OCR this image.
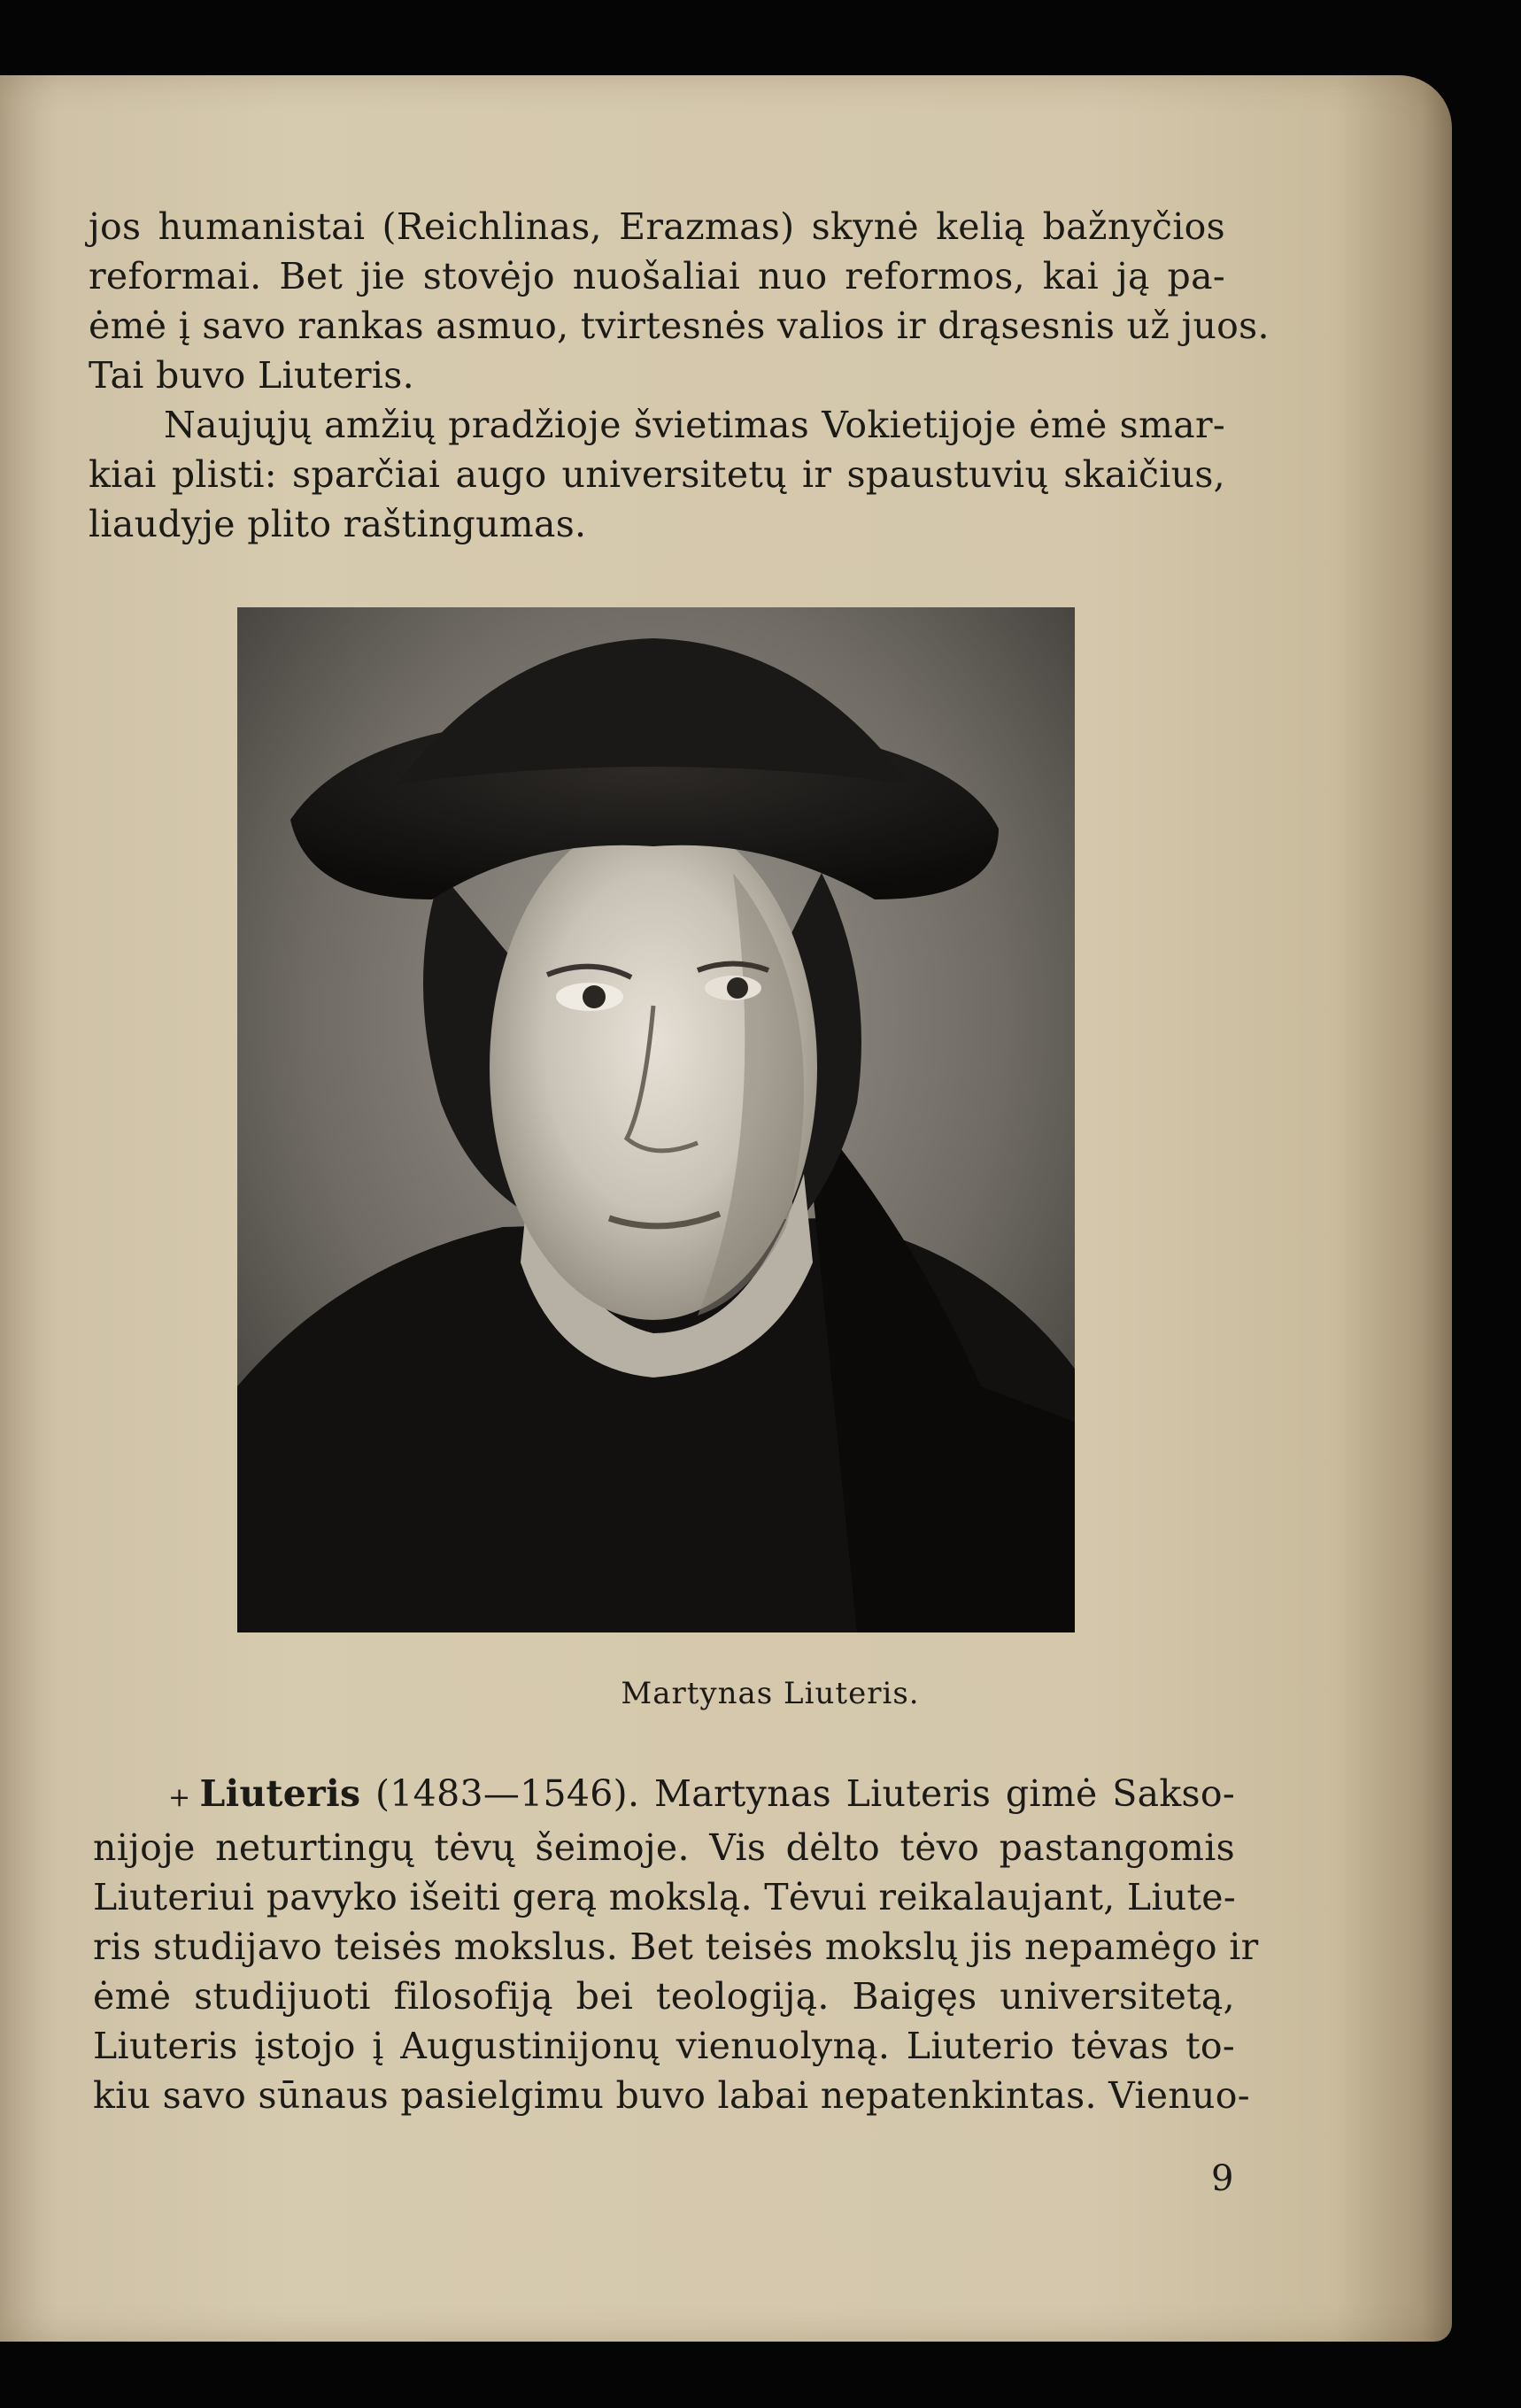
jos humanistai (Reichlinas, Erazmas) skynė kelią bažnyčios
reformai. Bet jie stovėjo nuošaliai nuo reformos, kai ją pa-
ėmė į savo rankas asmuo, tvirtesnės valios ir drąsesnis už juos.
Tai buvo Liuteris.
Naujųjų amžių pradžioje švietimas Vokietijoje ėmė smar-
kiai plisti: sparčiai augo universitetų ir spaustuvių skaičius,
liaudyje plito raštingumas.
Martynas Liuteris.
+ Liuteris (1483—1546). Martynas Liuteris gimė Saksо-
nijoje neturtingų tėvų šeimoje. Vis dėlto tėvo pastangomis
Liuteriui pavyko išeiti gerą mokslą. Tėvui reikalaujant, Liute-
ris studijavo teisės mokslus. Bet teisės mokslų jis nepamėgo ir
ėmė studijuoti filosofiją bei teologiją. Baigęs universitetą,
Liuteris įstojo į Augustinijonų vienuolyną. Liuterio tėvas to-
kiu savo sūnaus pasielgimu buvo labai nepatenkintas. Vienuo-
9
